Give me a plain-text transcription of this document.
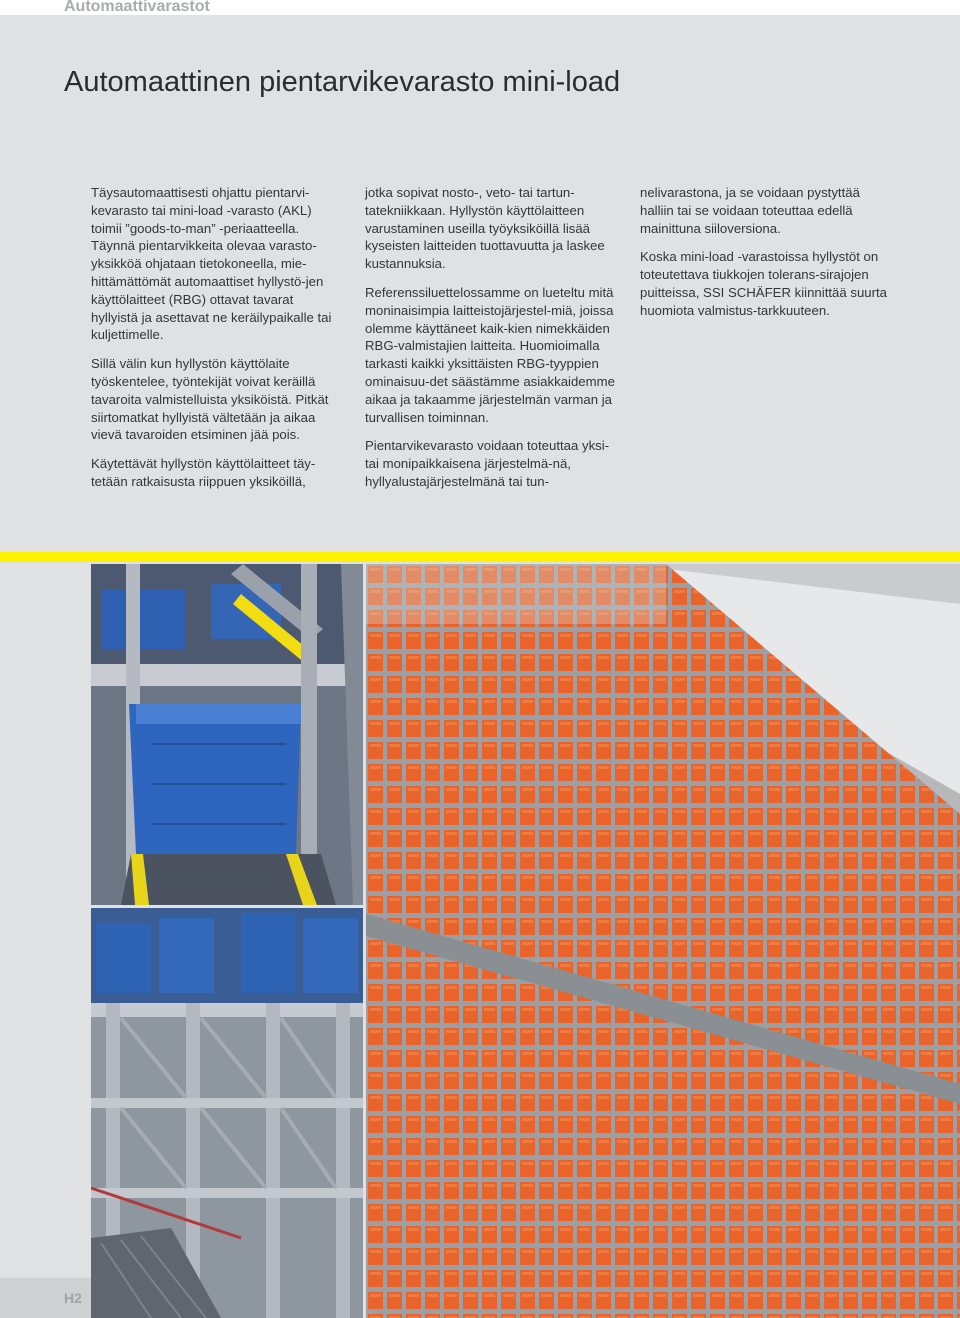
Automaattivarastot
Automaattinen pientarvikevarasto mini-load

Täysautomaattisesti ohjattu pientarvi-kevarasto tai mini-load -varasto (AKL) toimii ”goods-to-man” -periaatteella. Täynnä pientarvikkeita olevaa varasto-yksikköä ohjataan tietokoneella, mie-hittämättömät automaattiset hyllystö-jen käyttölaitteet (RBG) ottavat tavarat hyllyistä ja asettavat ne keräilypaikalle tai kuljettimelle.

Sillä välin kun hyllystön käyttölaite työskentelee, työntekijät voivat keräillä tavaroita valmistelluista yksiköistä. Pitkät siirtomatkat hyllyistä vältetään ja aikaa vievä tavaroiden etsiminen jää pois.

Käytettävät hyllystön käyttölaitteet täy-tetään ratkaisusta riippuen yksiköillä,

jotka sopivat nosto-, veto- tai tartun-tatekniikkaan. Hyllystön käyttölaitteen varustaminen useilla työyksiköillä lisää kyseisten laitteiden tuottavuutta ja laskee kustannuksia.

Referenssiluettelossamme on lueteltu mitä moninaisimpia laitteistojärjestel-miä, joissa olemme käyttäneet kaik-kien nimekkäiden RBG-valmistajien laitteita. Huomioimalla tarkasti kaikki yksittäisten RBG-tyyppien ominaisuu-det säästämme asiakkaidemme aikaa ja takaamme järjestelmän varman ja turvallisen toiminnan.

Pientarvikevarasto voidaan toteuttaa yksi- tai monipaikkaisena järjestelmä-nä, hyllyalustajärjestelmänä tai tun-

nelivarastona, ja se voidaan pystyttää halliin tai se voidaan toteuttaa edellä mainittuna siiloversiona.

Koska mini-load -varastoissa hyllystöt on toteutettava tiukkojen tolerans-sirajojen puitteissa, SSI SCHÄFER kiinnittää suurta huomiota valmistus-tarkkuuteen.

H2
